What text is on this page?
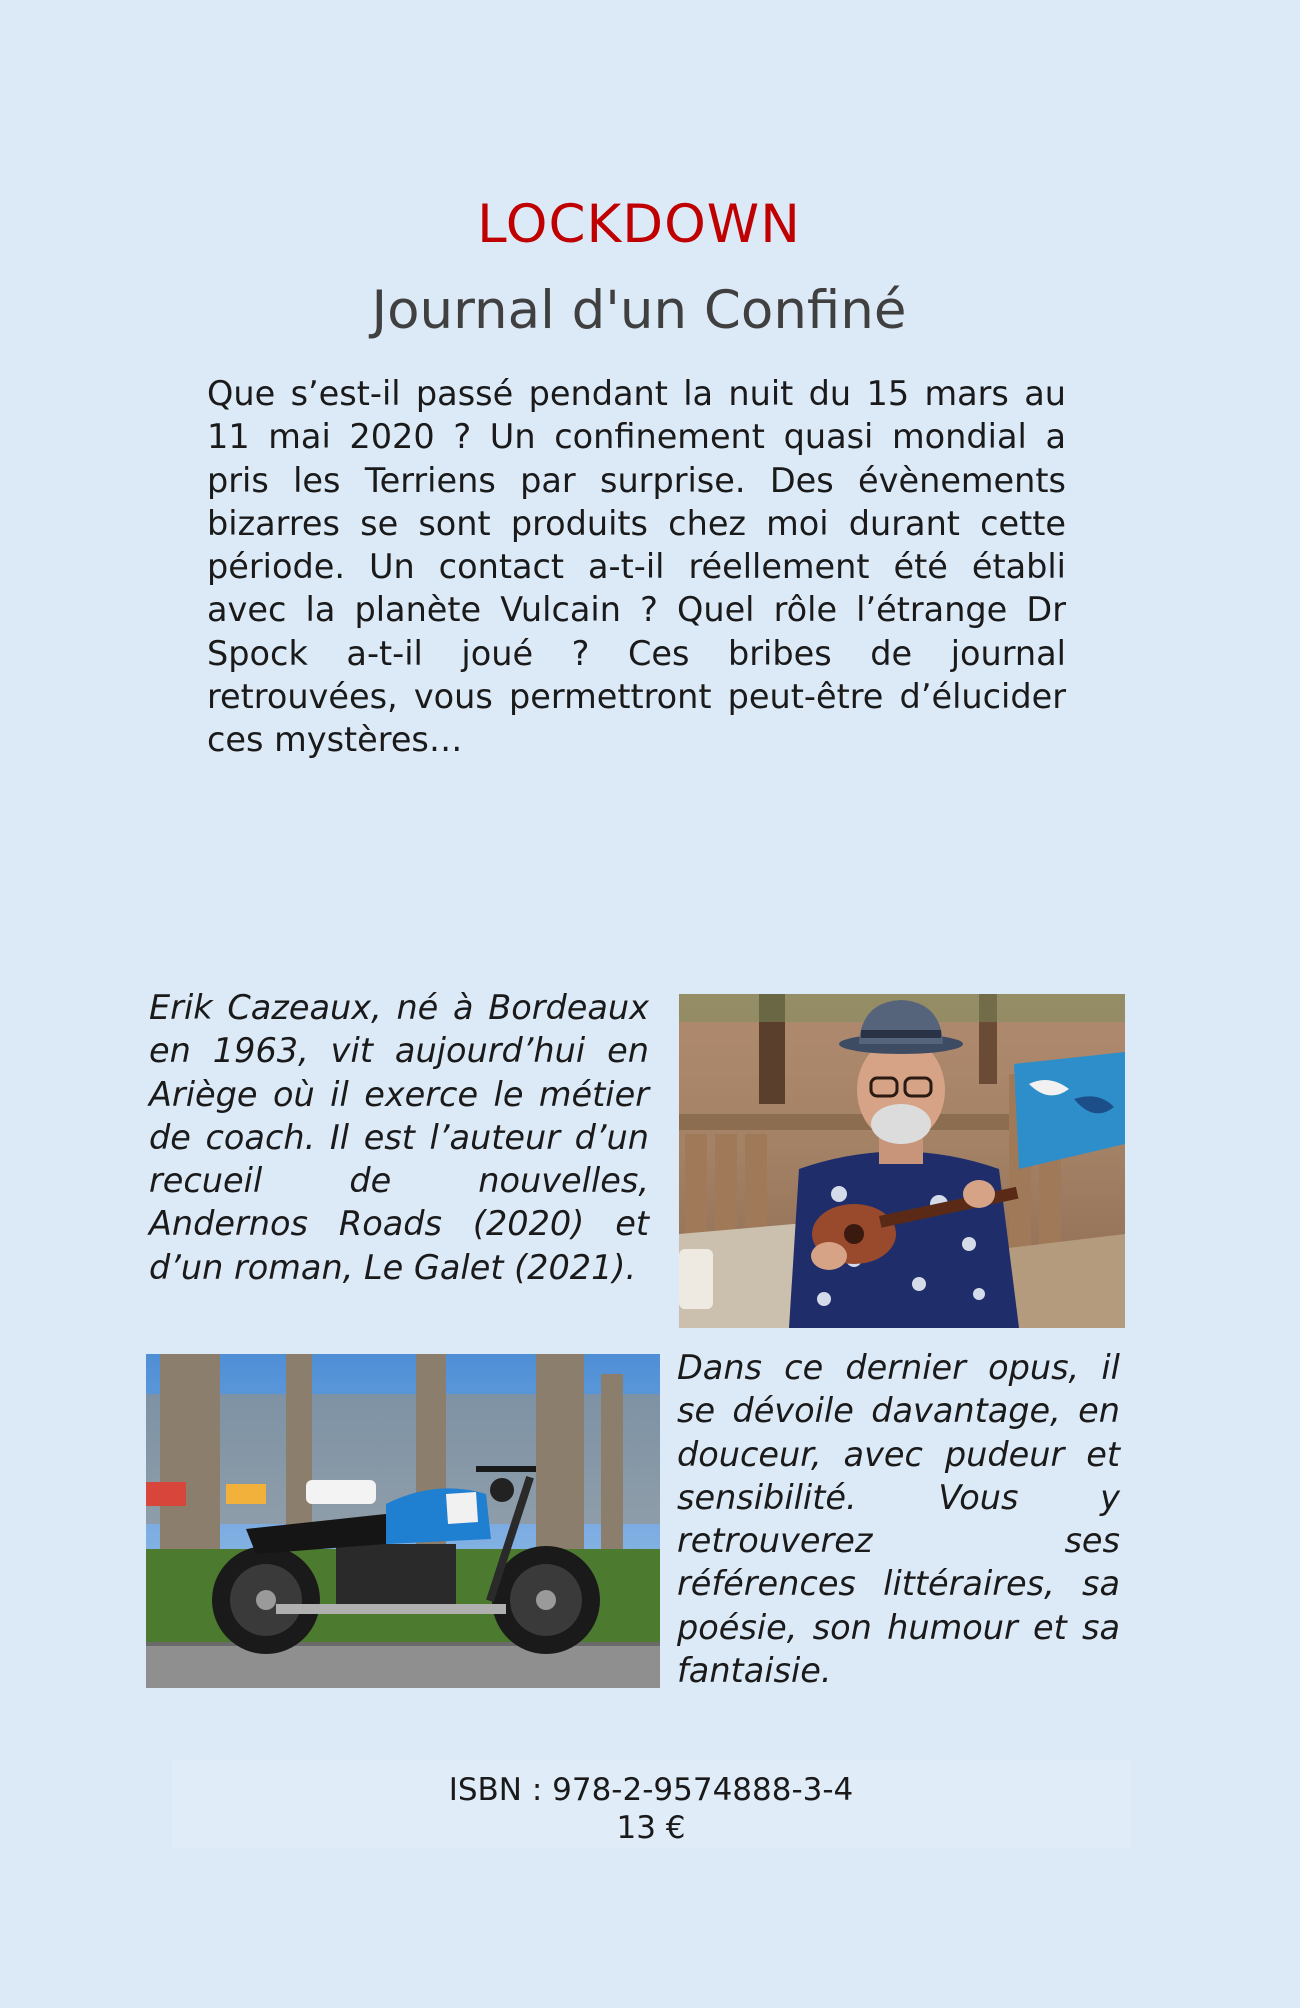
LOCKDOWN
Journal d'un Confiné

Que s’est-il passé pendant la nuit du 15 mars au 11 mai 2020 ? Un confinement quasi mondial a pris les Terriens par surprise. Des évènements bizarres se sont produits chez moi durant cette période. Un contact a-t-il réellement été établi avec la planète Vulcain ? Quel rôle l’étrange Dr Spock a-t-il joué ? Ces bribes de journal retrouvées, vous permettront peut-être d’élucider ces mystères…

Erik Cazeaux, né à Bordeaux en 1963, vit aujourd’hui en Ariège où il exerce le métier de coach. Il est l’auteur d’un recueil de nouvelles, Andernos Roads (2020) et d’un roman, Le Galet (2021).

Dans ce dernier opus, il se dévoile davantage, en douceur, avec pudeur et sensibilité. Vous y retrouverez ses références littéraires, sa poésie, son humour et sa fantaisie.

ISBN : 978-2-9574888-3-4
13 €
